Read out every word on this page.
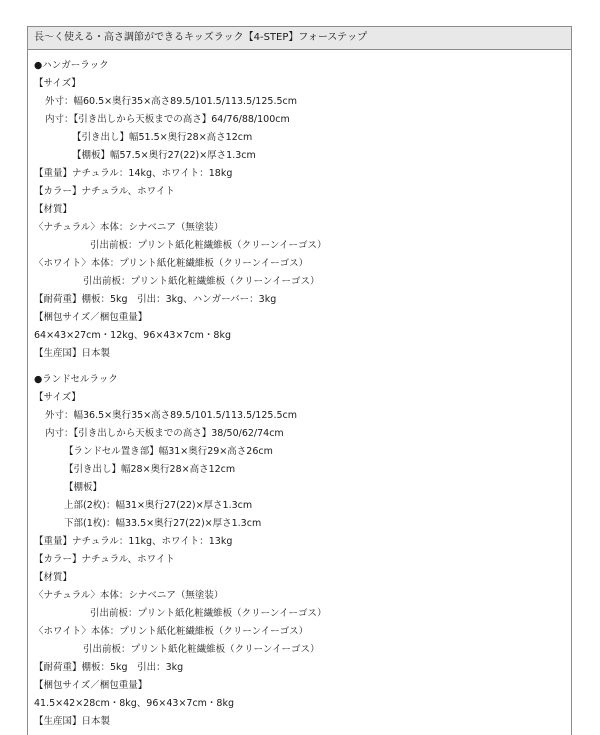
長〜く使える・高さ調節ができるキッズラック【4-STEP】フォーステップ
●ハンガーラック
【サイズ】
外寸：幅60.5×奥行35×高さ89.5/101.5/113.5/125.5cm
内寸：【引き出しから天板までの高さ】64/76/88/100cm
【引き出し】幅51.5×奥行28×高さ12cm
【棚板】幅57.5×奥行27(22)×厚さ1.3cm
【重量】ナチュラル：14kg、ホワイト：18kg
【カラー】ナチュラル、ホワイト
【材質】
〈ナチュラル〉本体：シナベニア（無塗装）
引出前板：プリント紙化粧繊維板（クリーンイーゴス）
〈ホワイト〉本体：プリント紙化粧繊維板（クリーンイーゴス）
引出前板：プリント紙化粧繊維板（クリーンイーゴス）
【耐荷重】棚板：5kg　引出：3kg、ハンガーバー：3kg
【梱包サイズ／梱包重量】
64×43×27cm・12kg、96×43×7cm・8kg
【生産国】日本製
●ランドセルラック
【サイズ】
外寸：幅36.5×奥行35×高さ89.5/101.5/113.5/125.5cm
内寸：【引き出しから天板までの高さ】38/50/62/74cm
【ランドセル置き部】幅31×奥行29×高さ26cm
【引き出し】幅28×奥行28×高さ12cm
【棚板】
上部(2枚)：幅31×奥行27(22)×厚さ1.3cm
下部(1枚)：幅33.5×奥行27(22)×厚さ1.3cm
【重量】ナチュラル：11kg、ホワイト：13kg
【カラー】ナチュラル、ホワイト
【材質】
〈ナチュラル〉本体：シナベニア（無塗装）
引出前板：プリント紙化粧繊維板（クリーンイーゴス）
〈ホワイト〉本体：プリント紙化粧繊維板（クリーンイーゴス）
引出前板：プリント紙化粧繊維板（クリーンイーゴス）
【耐荷重】棚板：5kg　引出：3kg
【梱包サイズ／梱包重量】
41.5×42×28cm・8kg、96×43×7cm・8kg
【生産国】日本製
